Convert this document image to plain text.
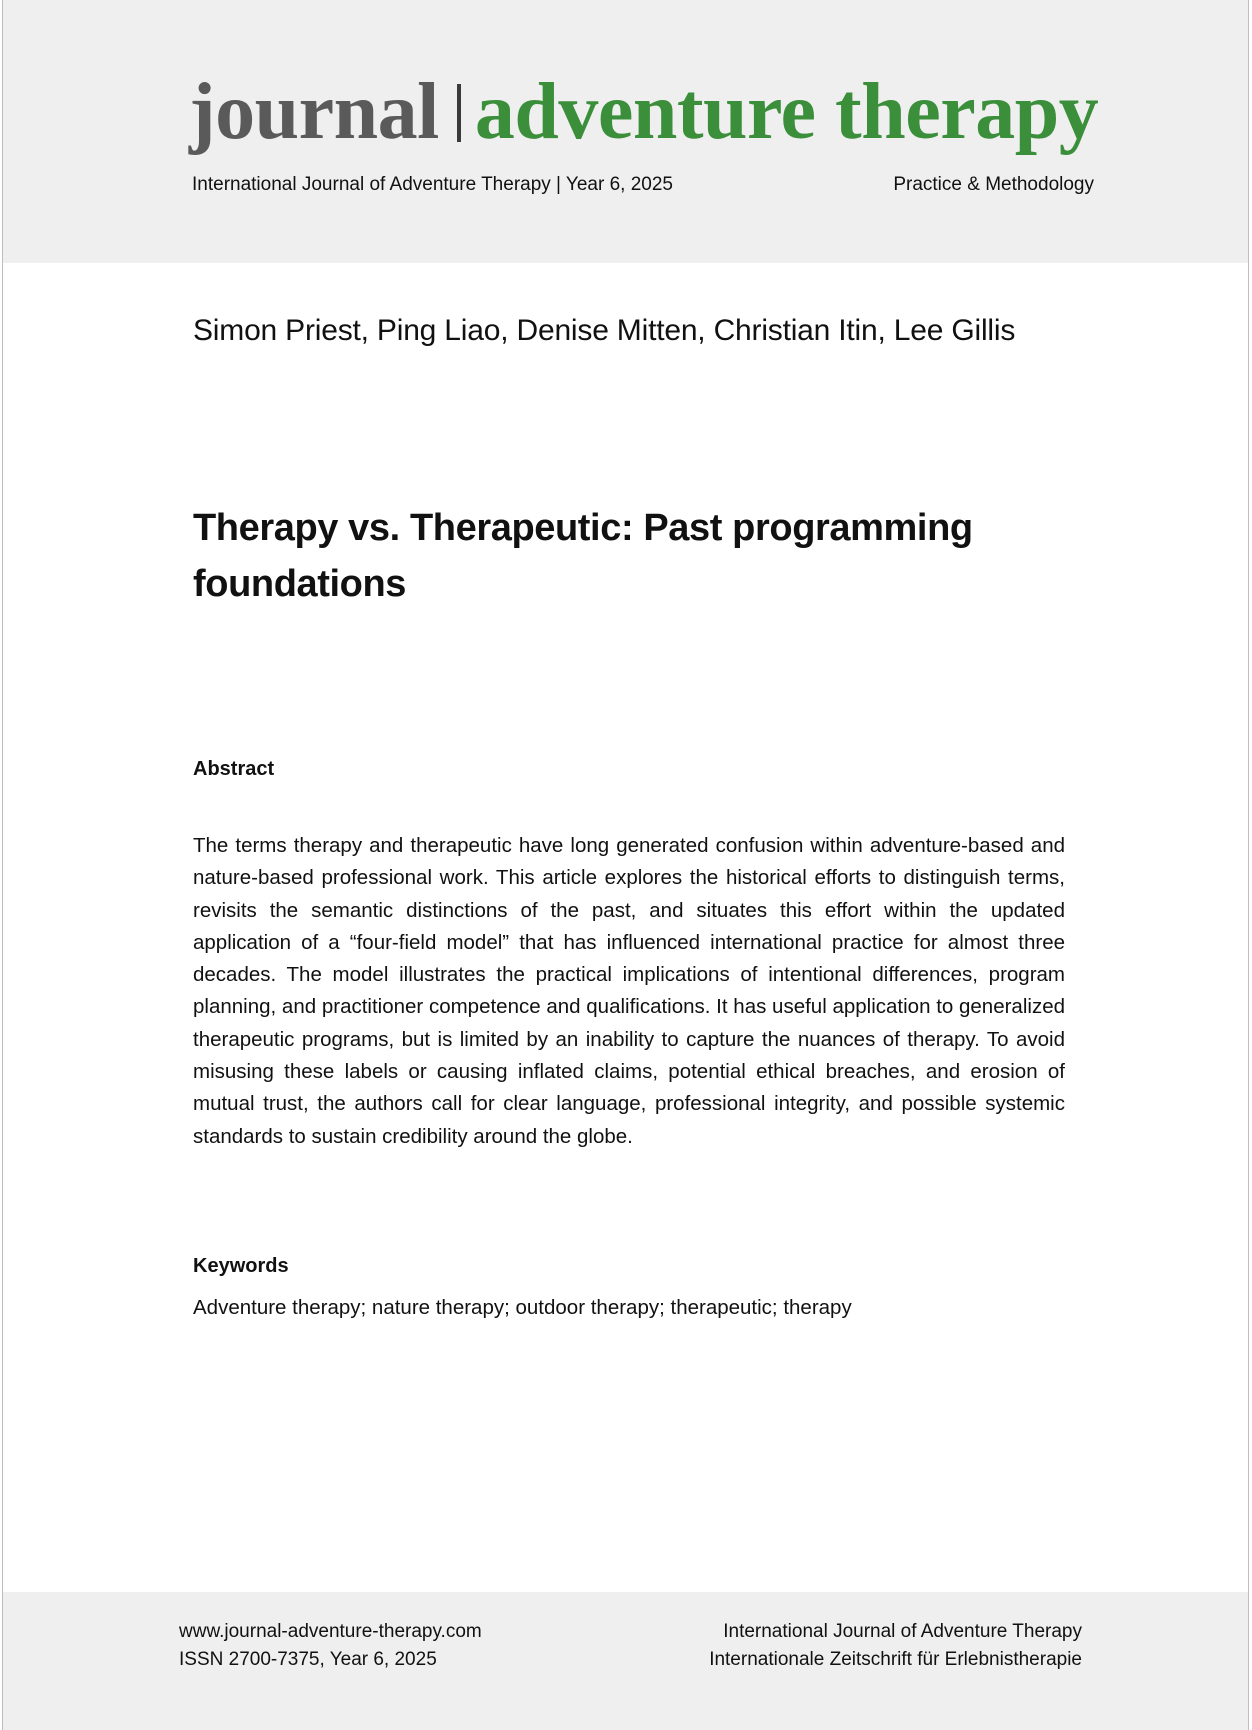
journal adventure therapy
International Journal of Adventure Therapy | Year 6, 2025	Practice & Methodology
Simon Priest, Ping Liao, Denise Mitten, Christian Itin, Lee Gillis
Therapy vs. Therapeutic: Past programming foundations
Abstract

The terms therapy and therapeutic have long generated confusion within adventure-based and nature-based professional work. This article explores the historical efforts to distinguish terms, revisits the semantic distinctions of the past, and situates this effort within the updated application of a “four-field model” that has influenced international practice for almost three decades. The model illustrates the practical implications of intentional differences, program planning, and practitioner competence and qualifications. It has useful application to generalized therapeutic programs, but is limited by an inability to capture the nuances of therapy. To avoid misusing these labels or causing inflated claims, potential ethical breaches, and erosion of mutual trust, the authors call for clear language, professional integrity, and possible systemic standards to sustain credibility around the globe.

Keywords

Adventure therapy; nature therapy; outdoor therapy; therapeutic; therapy

www.journal-adventure-therapy.com
ISSN 2700-7375, Year 6, 2025
International Journal of Adventure Therapy
Internationale Zeitschrift für Erlebnistherapie
